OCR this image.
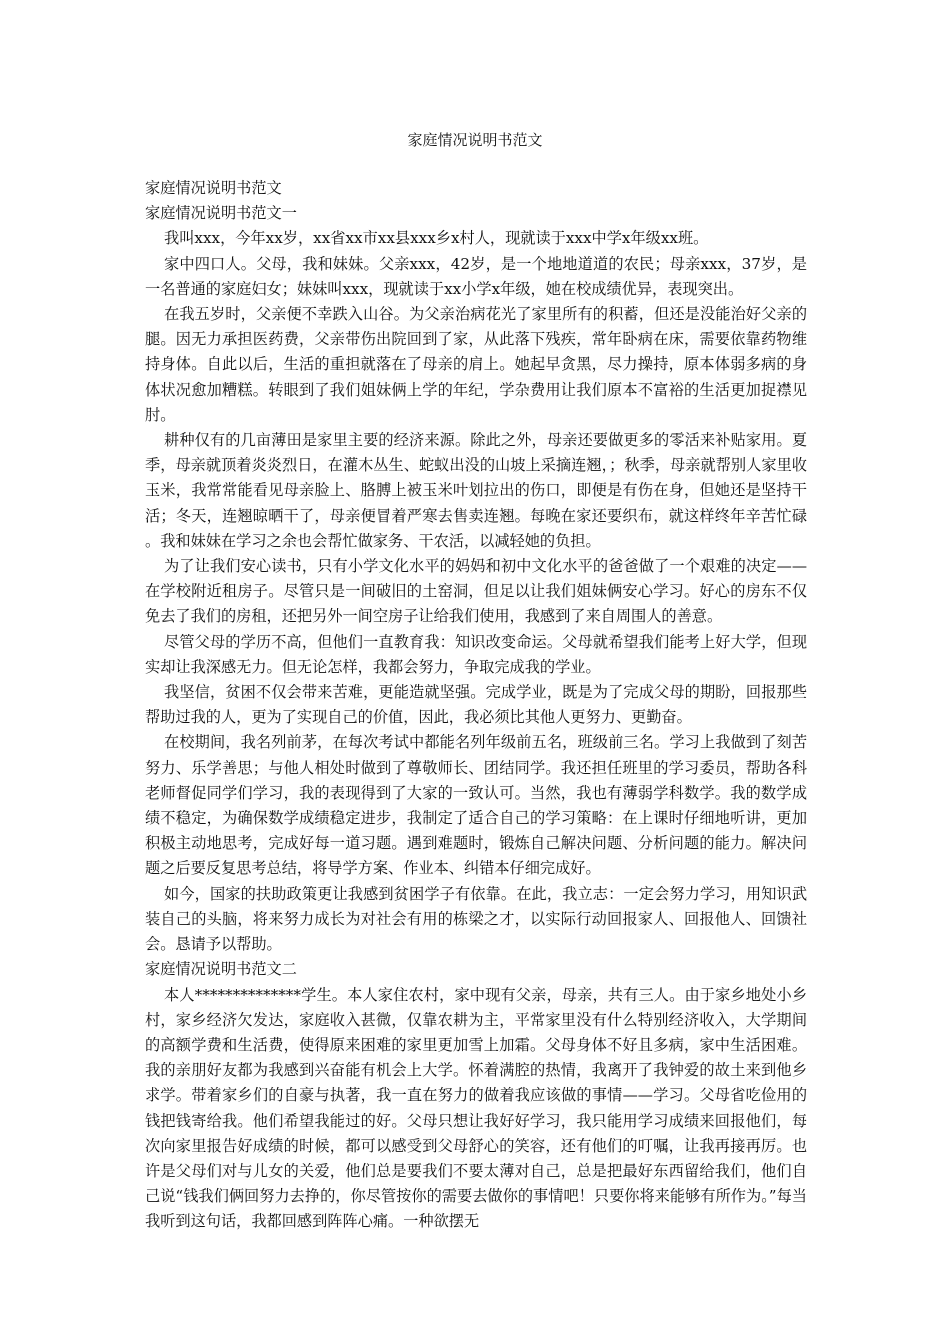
家庭情况说明书范文

家庭情况说明书范文

家庭情况说明书范文一

我叫xxx，今年xx岁，xx省xx市xx县xxx乡x村人，现就读于xxx中学x年级xx班。

家中四口人。父母，我和妹妹。父亲xxx，42岁，是一个地地道道的农民；母亲xxx，37岁，是一名普通的家庭妇女；妹妹叫xxx，现就读于xx小学x年级，她在校成绩优异，表现突出。

在我五岁时，父亲便不幸跌入山谷。为父亲治病花光了家里所有的积蓄，但还是没能治好父亲的腿。因无力承担医药费，父亲带伤出院回到了家，从此落下残疾，常年卧病在床，需要依靠药物维持身体。自此以后，生活的重担就落在了母亲的肩上。她起早贪黑，尽力操持，原本体弱多病的身体状况愈加糟糕。转眼到了我们姐妹俩上学的年纪，学杂费用让我们原本不富裕的生活更加捉襟见肘。

耕种仅有的几亩薄田是家里主要的经济来源。除此之外，母亲还要做更多的零活来补贴家用。夏季，母亲就顶着炎炎烈日，在灌木丛生、蛇蚁出没的山坡上采摘连翘，；秋季，母亲就帮别人家里收玉米，我常常能看见母亲脸上、胳膊上被玉米叶划拉出的伤口，即便是有伤在身，但她还是坚持干活；冬天，连翘晾晒干了，母亲便冒着严寒去售卖连翘。每晚在家还要织布，就这样终年辛苦忙碌。我和妹妹在学习之余也会帮忙做家务、干农活，以减轻她的负担。

为了让我们安心读书，只有小学文化水平的妈妈和初中文化水平的爸爸做了一个艰难的决定——在学校附近租房子。尽管只是一间破旧的土窑洞，但足以让我们姐妹俩安心学习。好心的房东不仅免去了我们的房租，还把另外一间空房子让给我们使用，我感到了来自周围人的善意。

尽管父母的学历不高，但他们一直教育我：知识改变命运。父母就希望我们能考上好大学，但现实却让我深感无力。但无论怎样，我都会努力，争取完成我的学业。

我坚信，贫困不仅会带来苦难，更能造就坚强。完成学业，既是为了完成父母的期盼，回报那些帮助过我的人，更为了实现自己的价值，因此，我必须比其他人更努力、更勤奋。

在校期间，我名列前茅，在每次考试中都能名列年级前五名，班级前三名。学习上我做到了刻苦努力、乐学善思；与他人相处时做到了尊敬师长、团结同学。我还担任班里的学习委员，帮助各科老师督促同学们学习，我的表现得到了大家的一致认可。当然，我也有薄弱学科数学。我的数学成绩不稳定，为确保数学成绩稳定进步，我制定了适合自己的学习策略：在上课时仔细地听讲，更加积极主动地思考，完成好每一道习题。遇到难题时，锻炼自己解决问题、分析问题的能力。解决问题之后要反复思考总结，将导学方案、作业本、纠错本仔细完成好。

如今，国家的扶助政策更让我感到贫困学子有依靠。在此，我立志：一定会努力学习，用知识武装自己的头脑，将来努力成长为对社会有用的栋梁之才，以实际行动回报家人、回报他人、回馈社会。恳请予以帮助。

家庭情况说明书范文二

本人**************学生。本人家住农村，家中现有父亲，母亲，共有三人。由于家乡地处小乡村，家乡经济欠发达，家庭收入甚微，仅靠农耕为主，平常家里没有什么特别经济收入，大学期间的高额学费和生活费，使得原来困难的家里更加雪上加霜。父母身体不好且多病，家中生活困难。我的亲朋好友都为我感到兴奋能有机会上大学。怀着满腔的热情，我离开了我钟爱的故土来到他乡求学。带着家乡们的自豪与执著，我一直在努力的做着我应该做的事情——学习。父母省吃俭用的钱把钱寄给我。他们希望我能过的好。父母只想让我好好学习，我只能用学习成绩来回报他们，每次向家里报告好成绩的时候，都可以感受到父母舒心的笑容，还有他们的叮嘱，让我再接再厉。也许是父母们对与儿女的关爱，他们总是要我们不要太薄对自己，总是把最好东西留给我们，他们自己说“钱我们俩回努力去挣的，你尽管按你的需要去做你的事情吧！只要你将来能够有所作为。”每当我听到这句话，我都回感到阵阵心痛。一种欲摆无
